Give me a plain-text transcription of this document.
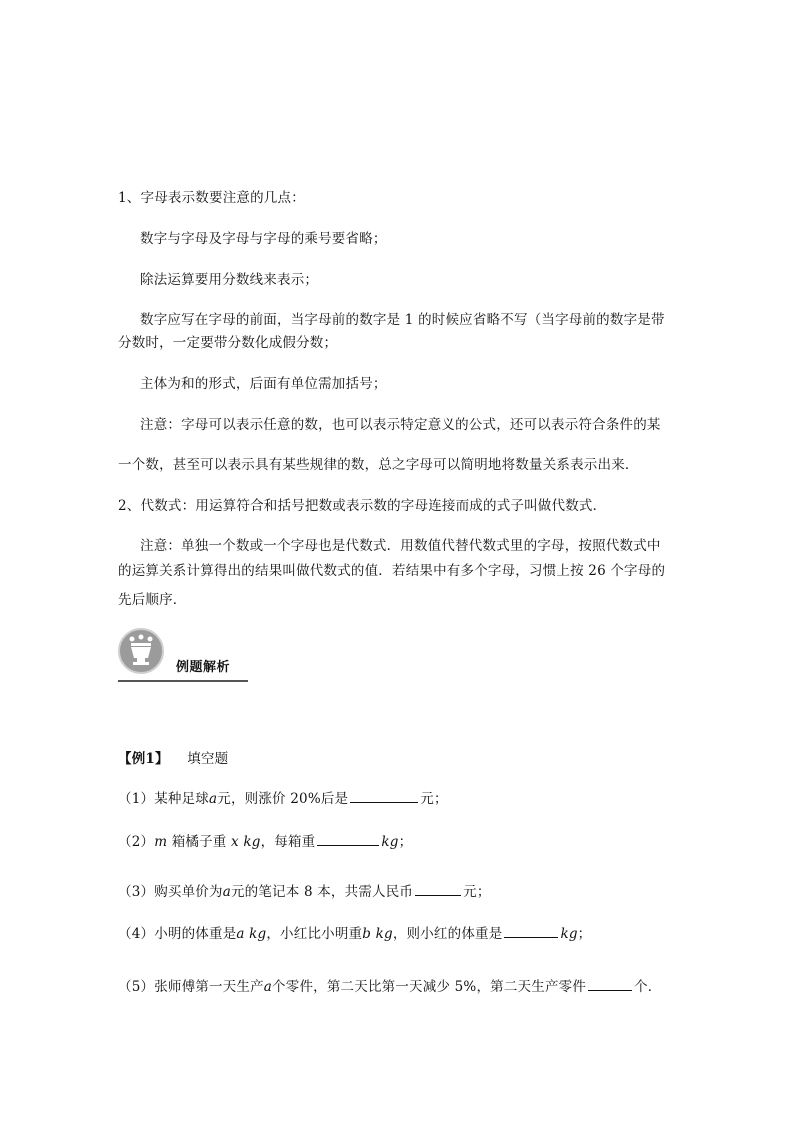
1、字母表示数要注意的几点：
数字与字母及字母与字母的乘号要省略；
除法运算要用分数线来表示；
数字应写在字母的前面，当字母前的数字是 1 的时候应省略不写（当字母前的数字是带
分数时，一定要带分数化成假分数；
主体为和的形式，后面有单位需加括号；
注意：字母可以表示任意的数，也可以表示特定意义的公式，还可以表示符合条件的某
一个数，甚至可以表示具有某些规律的数，总之字母可以简明地将数量关系表示出来．
2、代数式：用运算符合和括号把数或表示数的字母连接而成的式子叫做代数式．
注意：单独一个数或一个字母也是代数式．用数值代替代数式里的字母，按照代数式中
的运算关系计算得出的结果叫做代数式的值．若结果中有多个字母，习惯上按 26 个字母的
先后顺序．
例题解析
【例1】 填空题
（1）某种足球a元，则涨价 20%后是	元；
（2）m 箱橘子重 x kg，每箱重	kg；
（3）购买单价为a元的笔记本 8 本，共需人民币	元；
（4）小明的体重是a kg，小红比小明重b kg，则小红的体重是	kg；
（5）张师傅第一天生产a个零件，第二天比第一天减少 5%，第二天生产零件	个．
